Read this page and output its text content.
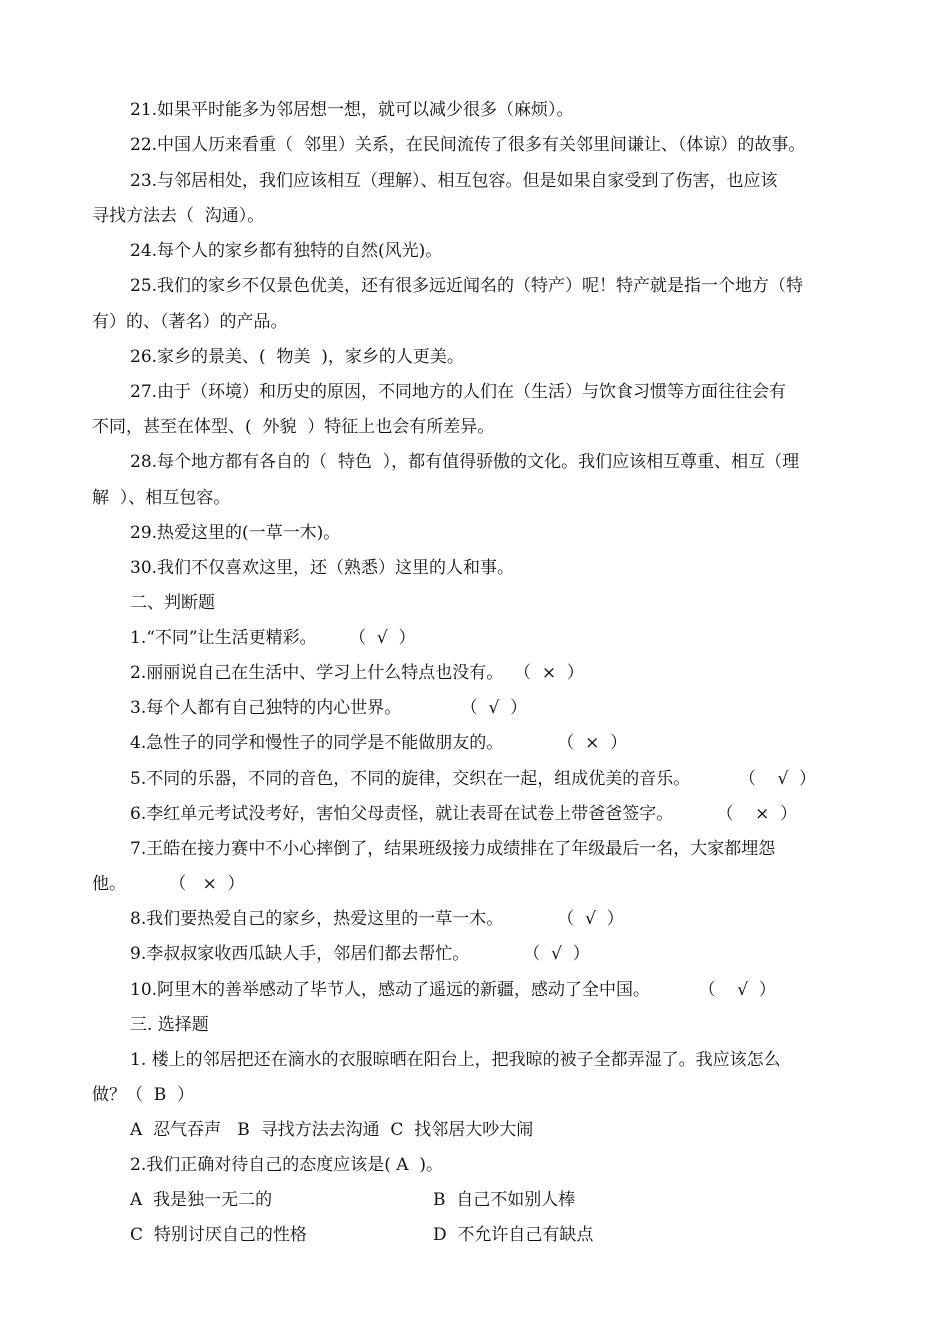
21.如果平时能多为邻居想一想，就可以减少很多（麻烦）。
22.中国人历来看重（  邻里）关系，在民间流传了很多有关邻里间谦让、（体谅）的故事。
23.与邻居相处，我们应该相互（理解）、相互包容。但是如果自家受到了伤害，也应该
寻找方法去（  沟通）。
24.每个人的家乡都有独特的自然(风光)。
25.我们的家乡不仅景色优美，还有很多远近闻名的（特产）呢！特产就是指一个地方（特
有）的、（著名）的产品。
26.家乡的景美、(  物美  )，家乡的人更美。
27.由于（环境）和历史的原因，不同地方的人们在（生活）与饮食习惯等方面往往会有
不同，甚至在体型、(  外貌  ）特征上也会有所差异。
28.每个地方都有各自的（  特色  ），都有值得骄傲的文化。我们应该相互尊重、相互（理
解  ）、相互包容。
29.热爱这里的(一草一木)。
30.我们不仅喜欢这里，还（熟悉）这里的人和事。
二、判断题
1.“不同”让生活更精彩。      （  √  ）
2.丽丽说自己在生活中、学习上什么特点也没有。  （  ×  ）
3.每个人都有自己独特的内心世界。           （  √  ）
4.急性子的同学和慢性子的同学是不能做朋友的。          （  ×  ）
5.不同的乐器，不同的音色，不同的旋律，交织在一起，组成优美的音乐。         （    √  ）
6.李红单元考试没考好，害怕父母责怪，就让表哥在试卷上带爸爸签字。        （    ×  ）
7.王皓在接力赛中不小心摔倒了，结果班级接力成绩排在了年级最后一名，大家都埋怨
他。        （   ×  ）
8.我们要热爱自己的家乡，热爱这里的一草一木。          （  √  ）
9.李叔叔家收西瓜缺人手，邻居们都去帮忙。          （  √  ）
10.阿里木的善举感动了毕节人，感动了遥远的新疆，感动了全中国。         （    √  ）
三. 选择题
1. 楼上的邻居把还在滴水的衣服晾晒在阳台上，把我晾的被子全都弄湿了。我应该怎么
做？（  B  ）
A  忍气吞声   B  寻找方法去沟通  C  找邻居大吵大闹
2.我们正确对待自己的态度应该是( A  )。
A  我是独一无二的	B  自己不如别人棒
C  特别讨厌自己的性格	D  不允许自己有缺点
